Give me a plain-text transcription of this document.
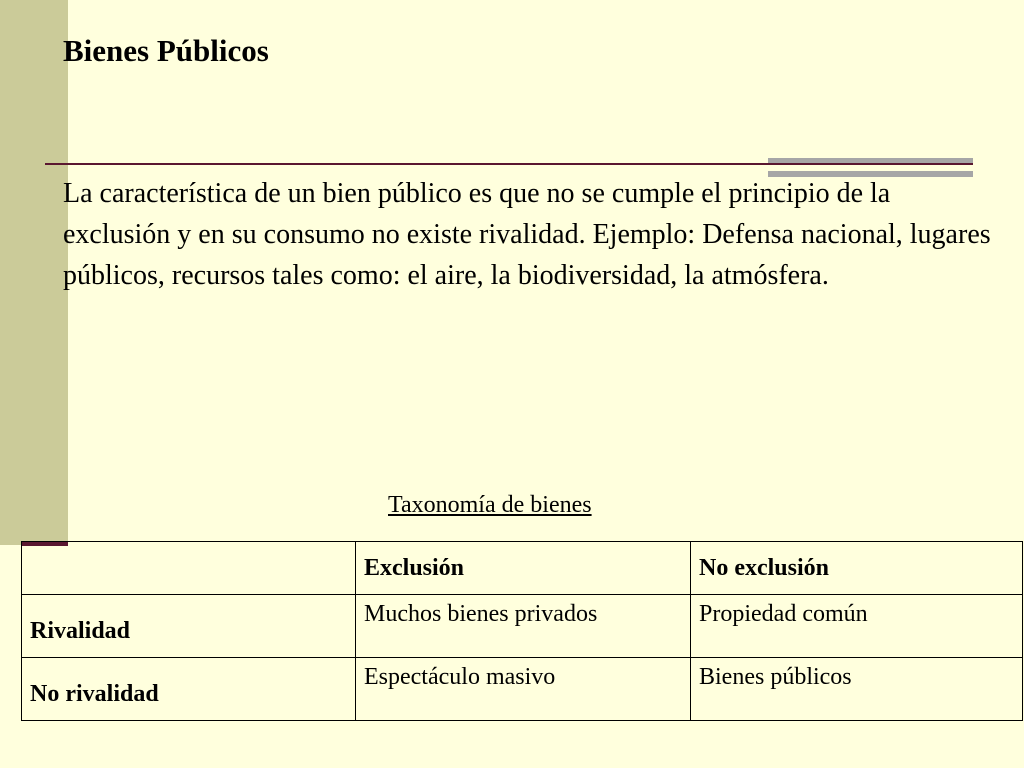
Bienes Públicos

La característica de un bien público es que no se cumple el principio de la exclusión y en su consumo no existe rivalidad. Ejemplo: Defensa nacional, lugares públicos, recursos tales como: el aire, la biodiversidad, la atmósfera.

Taxonomía de bienes
	Exclusión	No exclusión
Rivalidad	Muchos bienes privados	Propiedad común
No rivalidad	Espectáculo masivo	Bienes públicos
